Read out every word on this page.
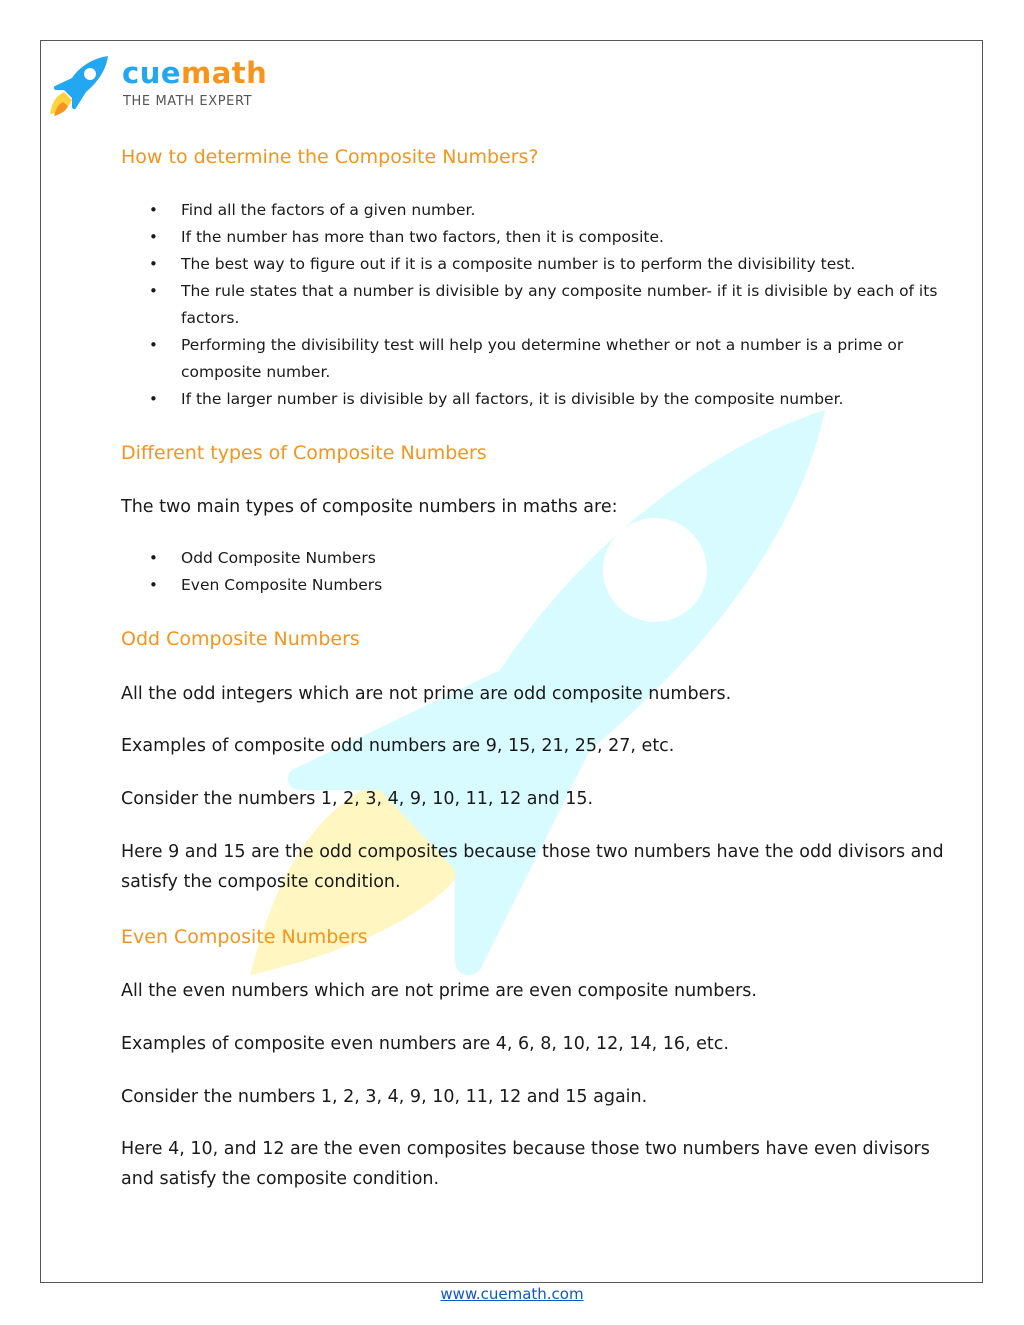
cuemath
THE MATH EXPERT
How to determine the Composite Numbers?
• Find all the factors of a given number.
• If the number has more than two factors, then it is composite.
• The best way to figure out if it is a composite number is to perform the divisibility test.
• The rule states that a number is divisible by any composite number- if it is divisible by each of its factors.
• Performing the divisibility test will help you determine whether or not a number is a prime or composite number.
• If the larger number is divisible by all factors, it is divisible by the composite number.
Different types of Composite Numbers

The two main types of composite numbers in maths are:

• Odd Composite Numbers
• Even Composite Numbers
Odd Composite Numbers

All the odd integers which are not prime are odd composite numbers.

Examples of composite odd numbers are 9, 15, 21, 25, 27, etc.

Consider the numbers 1, 2, 3, 4, 9, 10, 11, 12 and 15.

Here 9 and 15 are the odd composites because those two numbers have the odd divisors and satisfy the composite condition.

Even Composite Numbers

All the even numbers which are not prime are even composite numbers.

Examples of composite even numbers are 4, 6, 8, 10, 12, 14, 16, etc.

Consider the numbers 1, 2, 3, 4, 9, 10, 11, 12 and 15 again.

Here 4, 10, and 12 are the even composites because those two numbers have even divisors and satisfy the composite condition.

www.cuemath.com
